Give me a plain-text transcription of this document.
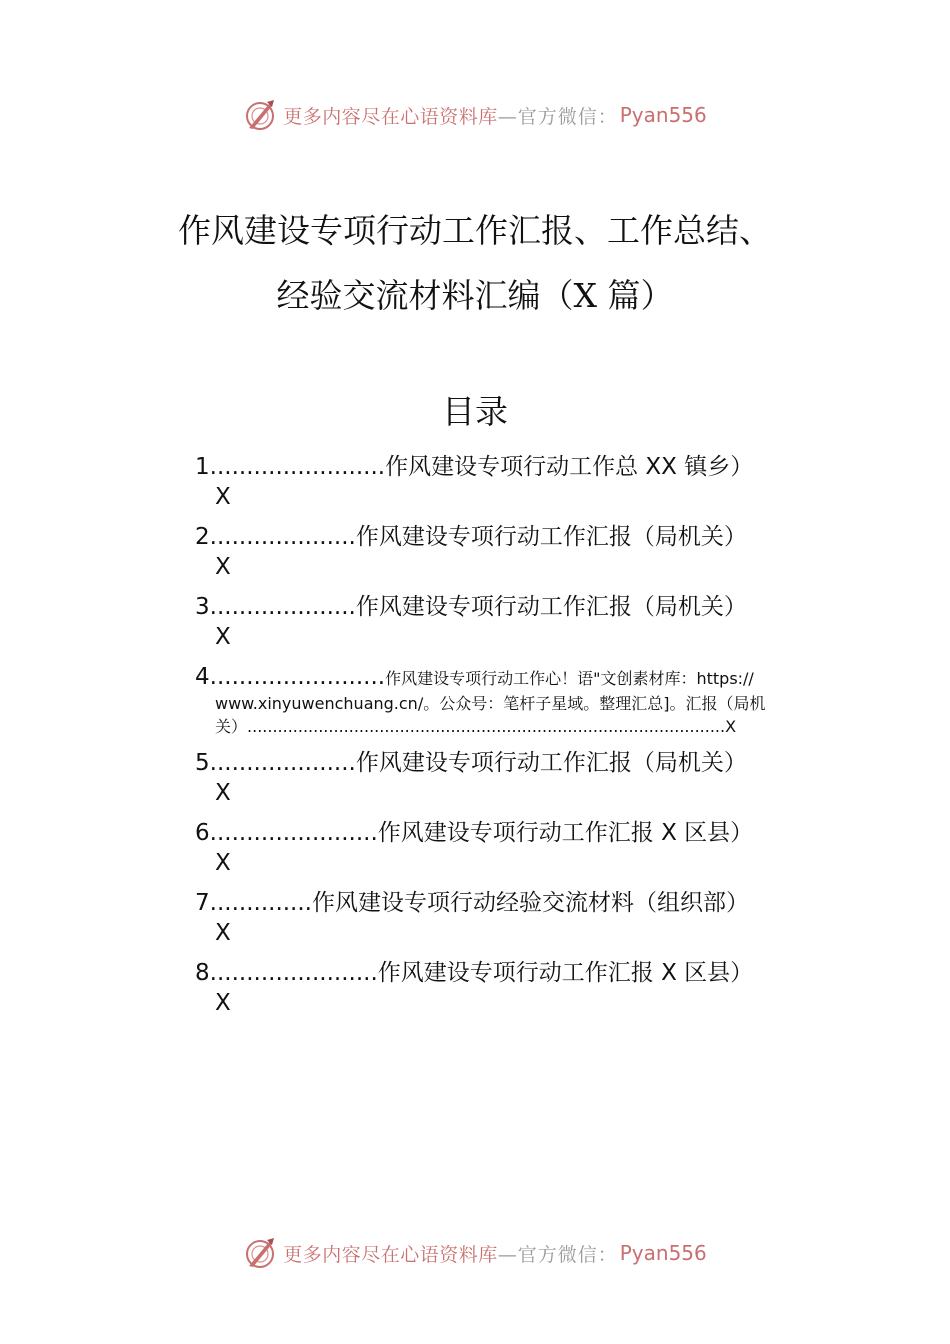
更多内容尽在心语资料库 —官方微信： Pyan556
作风建设专项行动工作汇报、工作总结、
经验交流材料汇编（X 篇）
目录
1........................作风建设专项行动工作总 XX 镇乡）
X
2....................作风建设专项行动工作汇报（局机关）
X
3....................作风建设专项行动工作汇报（局机关）
X
4........................作风建设专项行动工作心！语"文创素材库：https://
www.xinyuwenchuang.cn/。公众号：笔杆子星域。整理汇总]。汇报（局机
关）..............................................................................................X
5....................作风建设专项行动工作汇报（局机关）
X
6.......................作风建设专项行动工作汇报 X 区县）
X
7..............作风建设专项行动经验交流材料（组织部）
X
8.......................作风建设专项行动工作汇报 X 区县）
X
更多内容尽在心语资料库 —官方微信： Pyan556
